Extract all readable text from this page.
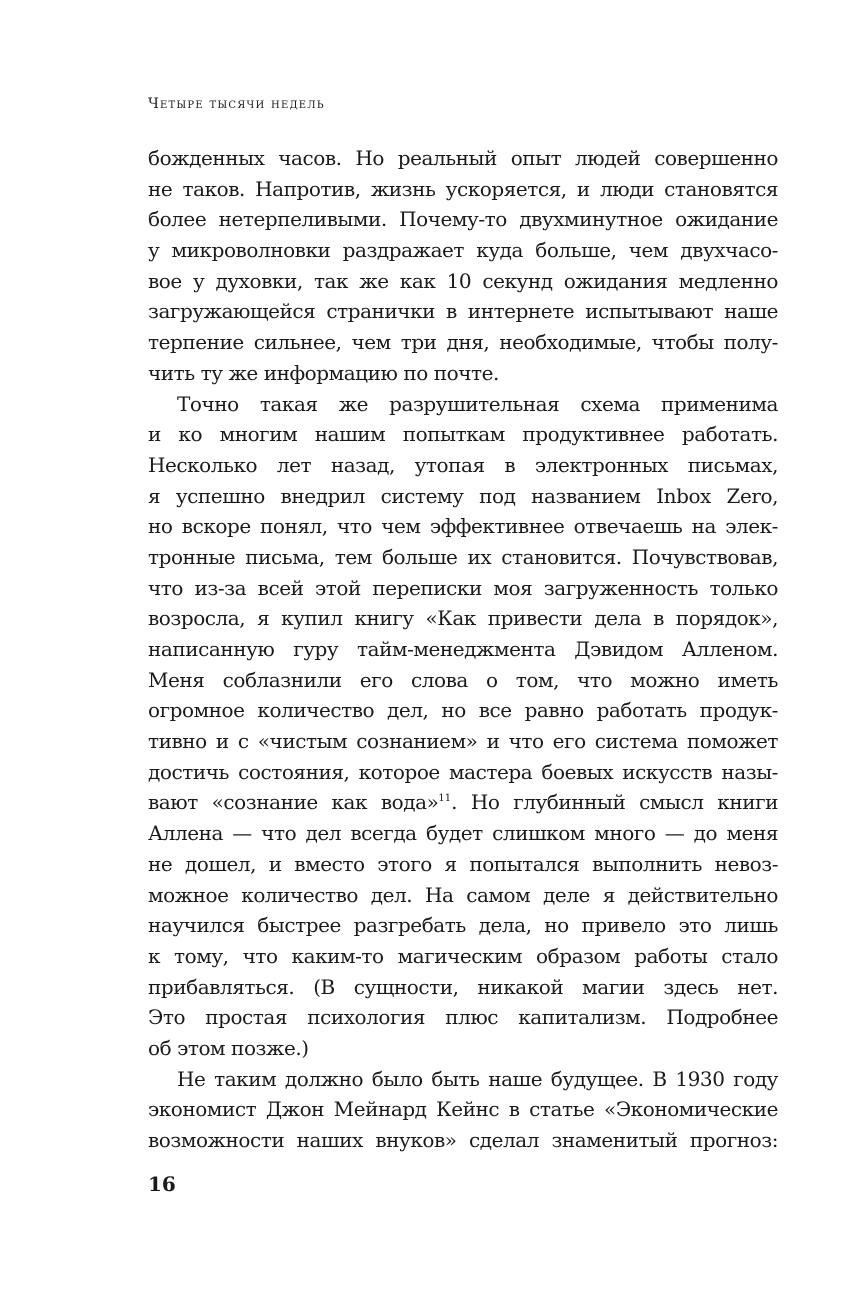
Четыре тысячи недель
божденных часов. Но реальный опыт людей совершенно
не таков. Напротив, жизнь ускоряется, и люди становятся
более нетерпеливыми. Почему-то двухминутное ожидание
у микроволновки раздражает куда больше, чем двухчасо-
вое у духовки, так же как 10 секунд ожидания медленно
загружающейся странички в интернете испытывают наше
терпение сильнее, чем три дня, необходимые, чтобы полу-
чить ту же информацию по почте.
Точно такая же разрушительная схема применима
и ко многим нашим попыткам продуктивнее работать.
Несколько лет назад, утопая в электронных письмах,
я успешно внедрил систему под названием Inbox Zero,
но вскоре понял, что чем эффективнее отвечаешь на элек-
тронные письма, тем больше их становится. Почувствовав,
что из-за всей этой переписки моя загруженность только
возросла, я купил книгу «Как привести дела в порядок»,
написанную гуру тайм-менеджмента Дэвидом Алленом.
Меня соблазнили его слова о том, что можно иметь
огромное количество дел, но все равно работать продук-
тивно и с «чистым сознанием» и что его система поможет
достичь состояния, которое мастера боевых искусств назы-
вают «сознание как вода»$^{11}$. Но глубинный смысл книги
Аллена — что дел всегда будет слишком много — до меня
не дошел, и вместо этого я попытался выполнить невоз-
можное количество дел. На самом деле я действительно
научился быстрее разгребать дела, но привело это лишь
к тому, что каким-то магическим образом работы стало
прибавляться. (В сущности, никакой магии здесь нет.
Это простая психология плюс капитализм. Подробнее
об этом позже.)
Не таким должно было быть наше будущее. В 1930 году
экономист Джон Мейнард Кейнс в статье «Экономические
возможности наших внуков» сделал знаменитый прогноз:
16
